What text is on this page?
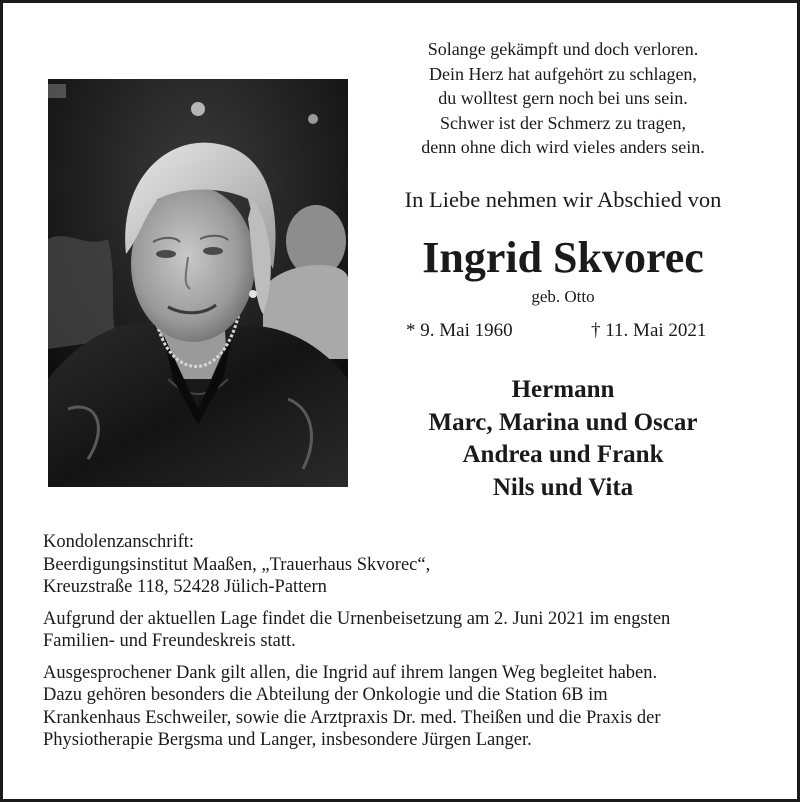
Solange gekämpft und doch verloren.
Dein Herz hat aufgehört zu schlagen,
du wolltest gern noch bei uns sein.
Schwer ist der Schmerz zu tragen,
denn ohne dich wird vieles anders sein.
In Liebe nehmen wir Abschied von
Ingrid Skvorec
geb. Otto
* 9. Mai 1960	† 11. Mai 2021
Hermann
Marc, Marina und Oscar
Andrea und Frank
Nils und Vita
Kondolenzanschrift:
Beerdigungsinstitut Maaßen, „Trauerhaus Skvorec“,
Kreuzstraße 118, 52428 Jülich-Pattern
Aufgrund der aktuellen Lage findet die Urnenbeisetzung am 2. Juni 2021 im engsten
Familien- und Freundeskreis statt.
Ausgesprochener Dank gilt allen, die Ingrid auf ihrem langen Weg begleitet haben.
Dazu gehören besonders die Abteilung der Onkologie und die Station 6B im
Krankenhaus Eschweiler, sowie die Arztpraxis Dr. med. Theißen und die Praxis der
Physiotherapie Bergsma und Langer, insbesondere Jürgen Langer.
